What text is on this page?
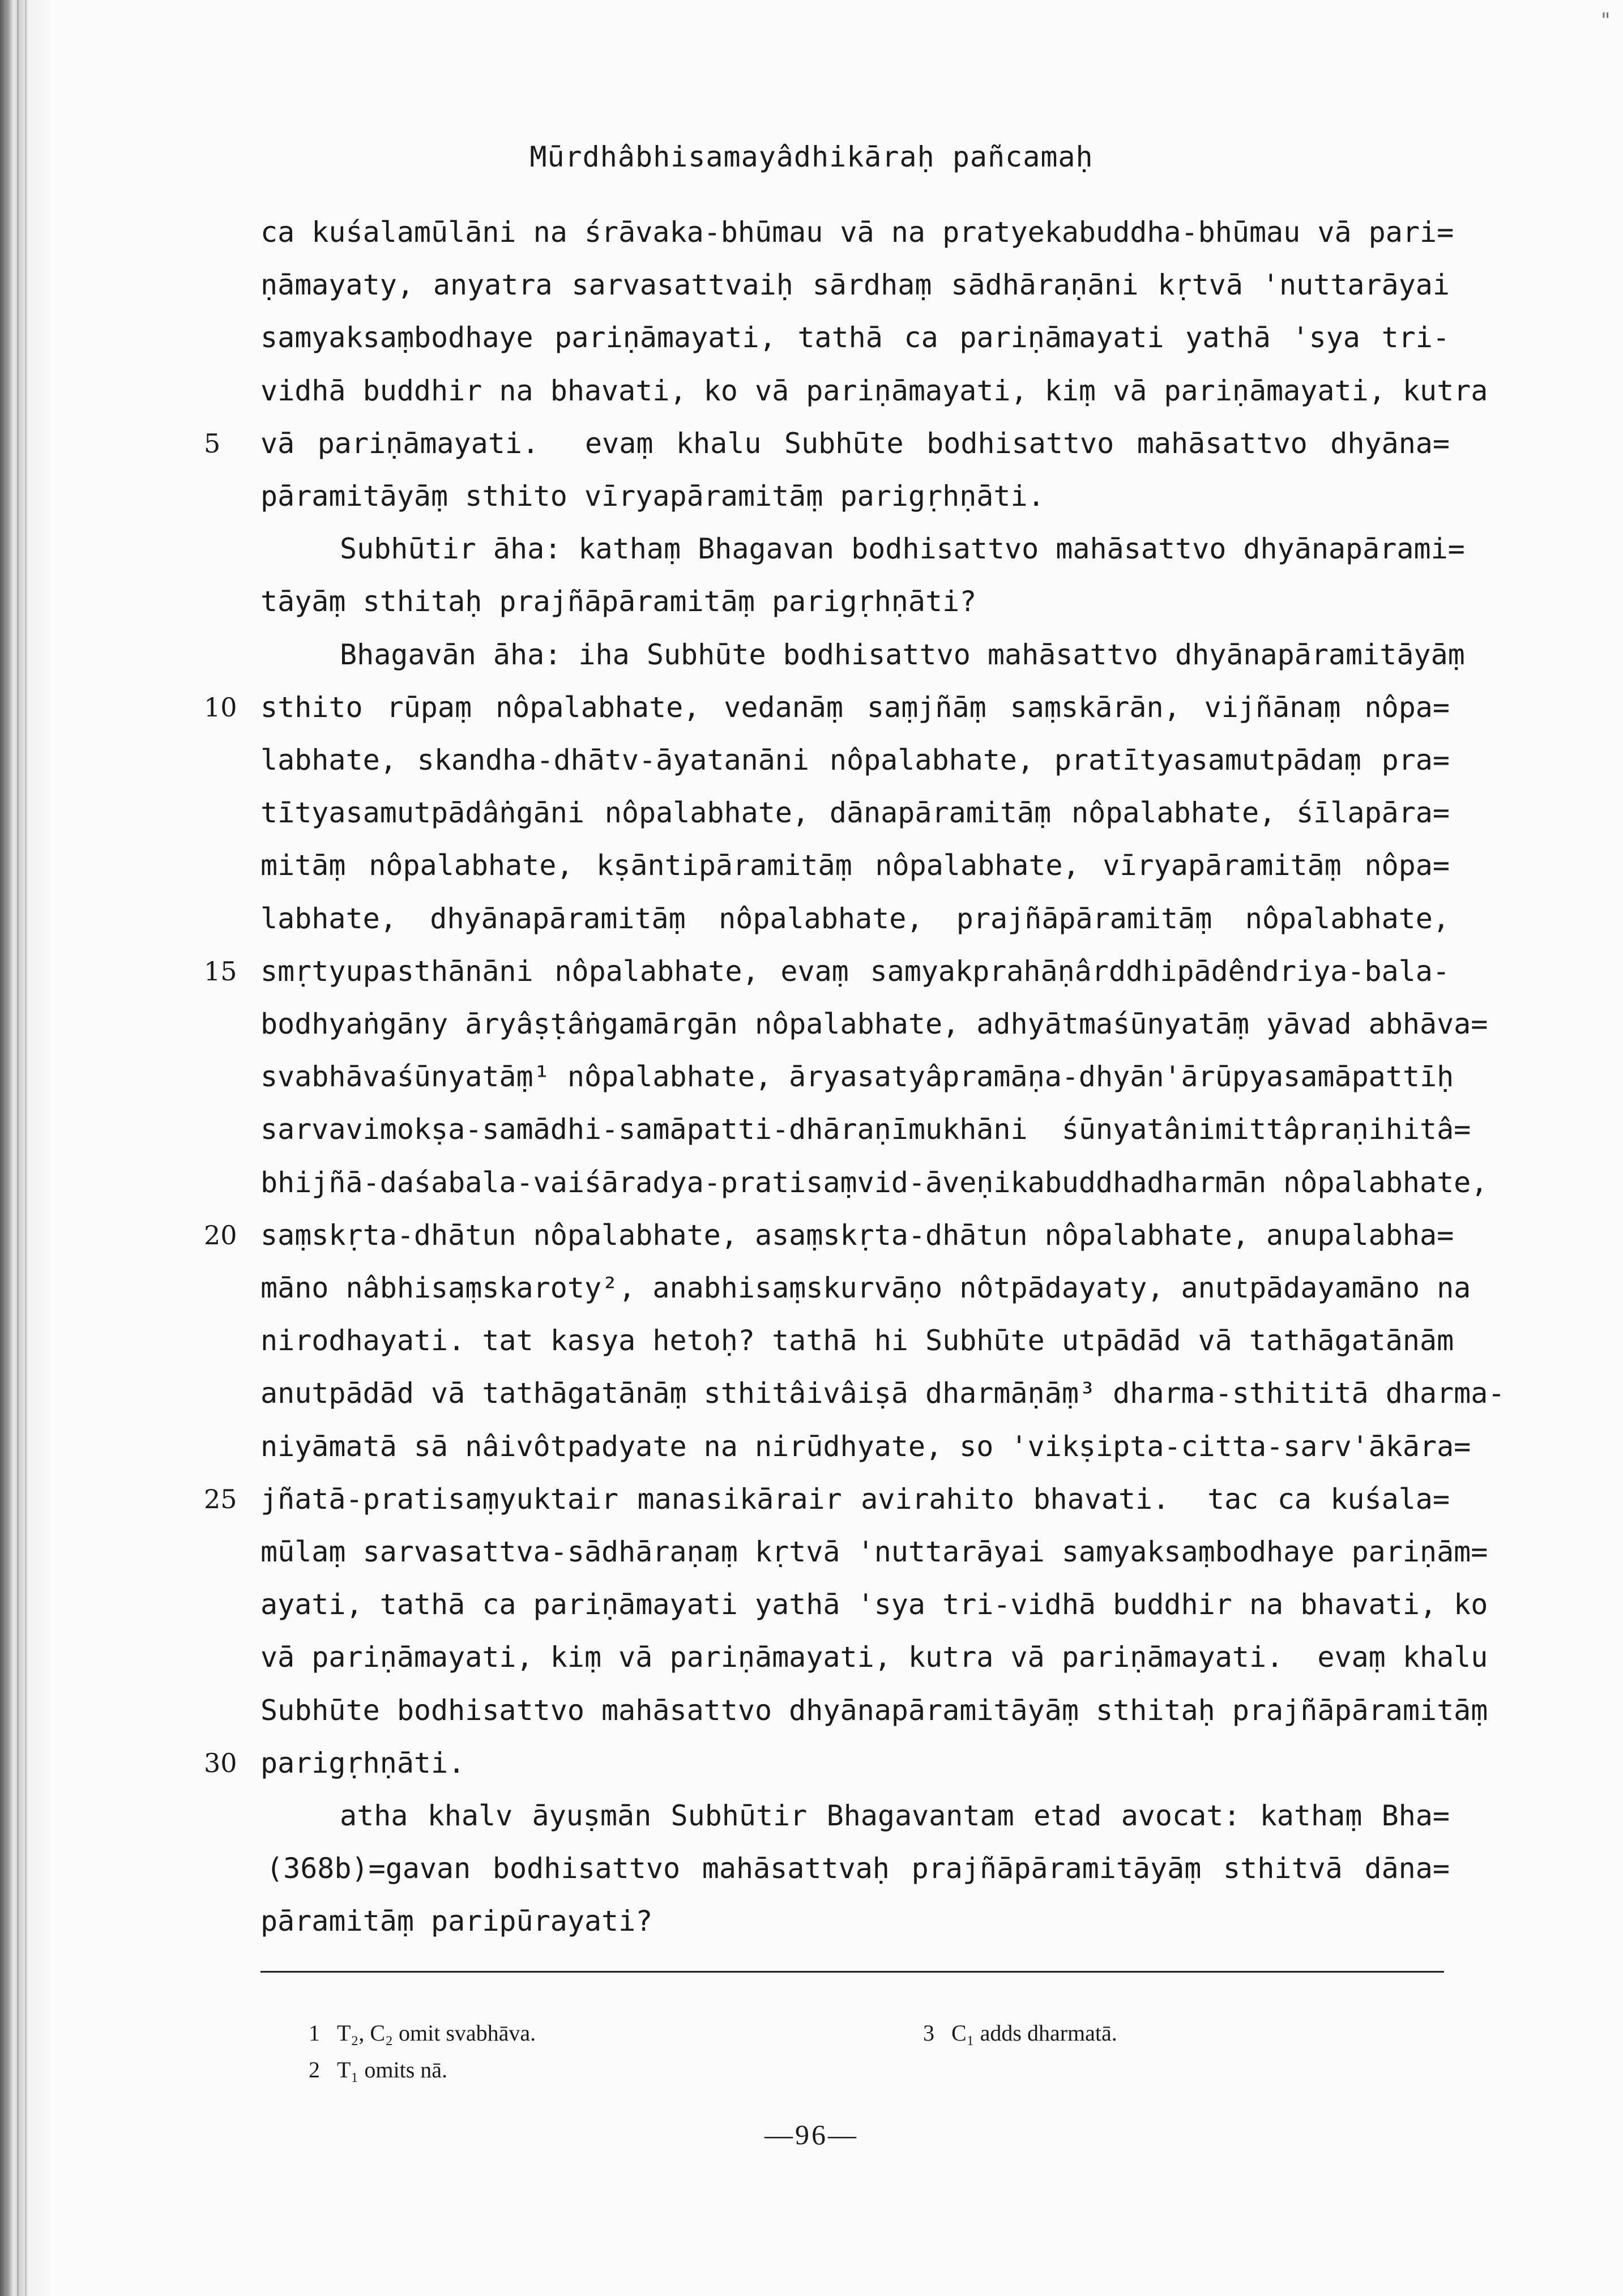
"
Mūrdhâbhisamayâdhikāraḥ pañcamaḥ
ca kuśalamūlāni na śrāvaka-bhūmau vā na pratyekabuddha-bhūmau vā pari=
ṇāmayaty, anyatra sarvasattvaiḥ sārdhaṃ sādhāraṇāni kṛtvā 'nuttarāyai
samyaksaṃbodhaye pariṇāmayati, tathā ca pariṇāmayati yathā 'sya tri-
vidhā buddhir na bhavati, ko vā pariṇāmayati, kiṃ vā pariṇāmayati, kutra
vā pariṇāmayati.  evaṃ khalu Subhūte bodhisattvo mahāsattvo dhyāna=
5
pāramitāyāṃ sthito vīryapāramitāṃ parigṛhṇāti.
Subhūtir āha: kathaṃ Bhagavan bodhisattvo mahāsattvo dhyānapārami=
tāyāṃ sthitaḥ prajñāpāramitāṃ parigṛhṇāti?
Bhagavān āha: iha Subhūte bodhisattvo mahāsattvo dhyānapāramitāyāṃ
sthito rūpaṃ nôpalabhate, vedanāṃ saṃjñāṃ saṃskārān, vijñānaṃ nôpa=
10
labhate, skandha-dhātv-āyatanāni nôpalabhate, pratītyasamutpādaṃ pra=
tītyasamutpādâṅgāni nôpalabhate, dānapāramitāṃ nôpalabhate, śīlapāra=
mitāṃ nôpalabhate, kṣāntipāramitāṃ nôpalabhate, vīryapāramitāṃ nôpa=
labhate, dhyānapāramitāṃ nôpalabhate, prajñāpāramitāṃ nôpalabhate,
smṛtyupasthānāni nôpalabhate, evaṃ samyakprahāṇârddhipādêndriya-bala-
15
bodhyaṅgāny āryâṣṭâṅgamārgān nôpalabhate, adhyātmaśūnyatāṃ yāvad abhāva=
svabhāvaśūnyatāṃ¹ nôpalabhate, āryasatyâpramāṇa-dhyān'ārūpyasamāpattīḥ
sarvavimokṣa-samādhi-samāpatti-dhāraṇīmukhāni  śūnyatânimittâpraṇihitâ=
bhijñā-daśabala-vaiśāradya-pratisaṃvid-āveṇikabuddhadharmān nôpalabhate,
saṃskṛta-dhātun nôpalabhate, asaṃskṛta-dhātun nôpalabhate, anupalabha=
20
māno nâbhisaṃskaroty², anabhisaṃskurvāṇo nôtpādayaty, anutpādayamāno na
nirodhayati. tat kasya hetoḥ? tathā hi Subhūte utpādād vā tathāgatānām
anutpādād vā tathāgatānāṃ sthitâivâiṣā dharmāṇāṃ³ dharma-sthititā dharma-
niyāmatā sā nâivôtpadyate na nirūdhyate, so 'vikṣipta-citta-sarv'ākāra=
jñatā-pratisaṃyuktair manasikārair avirahito bhavati.  tac ca kuśala=
25
mūlaṃ sarvasattva-sādhāraṇaṃ kṛtvā 'nuttarāyai samyaksaṃbodhaye pariṇām=
ayati, tathā ca pariṇāmayati yathā 'sya tri-vidhā buddhir na bhavati, ko
vā pariṇāmayati, kiṃ vā pariṇāmayati, kutra vā pariṇāmayati.  evaṃ khalu
Subhūte bodhisattvo mahāsattvo dhyānapāramitāyāṃ sthitaḥ prajñāpāramitāṃ
parigṛhṇāti.
30
atha khalv āyuṣmān Subhūtir Bhagavantam etad avocat: kathaṃ Bha=
(368b)=gavan bodhisattvo mahāsattvaḥ prajñāpāramitāyāṃ sthitvā dāna=
pāramitāṃ paripūrayati?

1 T₂, C₂ omit svabhāva.

2 T₁ omits nā.

3 C₁ adds dharmatā.

—96—
